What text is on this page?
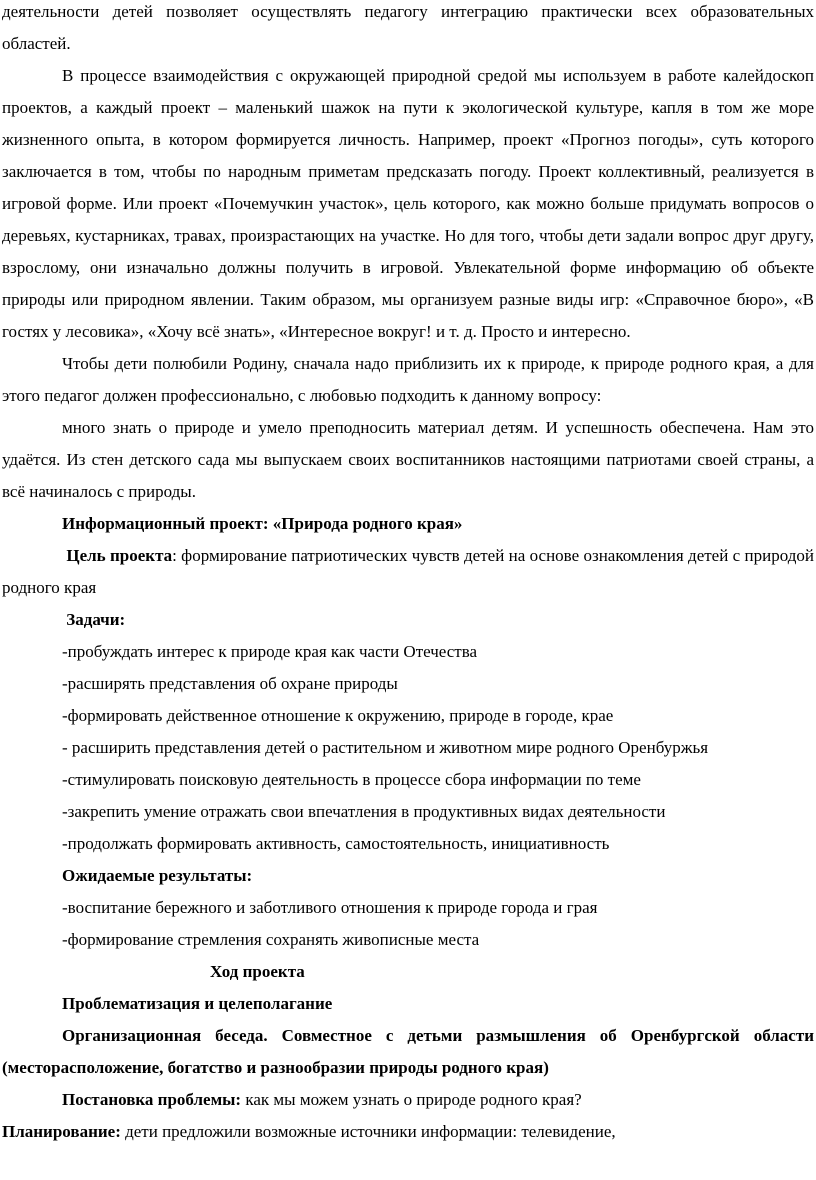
деятельности детей позволяет осуществлять педагогу интеграцию практически всех образовательных областей.

В процессе взаимодействия с окружающей природной средой мы используем в работе калейдоскоп проектов, а каждый проект – маленький шажок на пути к экологической культуре, капля в том же море жизненного опыта, в котором формируется личность. Например, проект «Прогноз погоды», суть которого заключается в том, чтобы по народным приметам предсказать погоду. Проект коллективный, реализуется в игровой форме. Или проект «Почемучкин участок», цель которого, как можно больше придумать вопросов о деревьях, кустарниках, травах, произрастающих на участке. Но для того, чтобы дети задали вопрос друг другу, взрослому, они изначально должны получить в игровой. Увлекательной форме информацию об объекте природы или природном явлении. Таким образом, мы организуем разные виды игр: «Справочное бюро», «В гостях у лесовика», «Хочу всё знать», «Интересное вокруг! и т. д. Просто и интересно.

Чтобы дети полюбили Родину, сначала надо приблизить их к природе, к природе родного края, а для этого педагог должен профессионально, с любовью подходить к данному вопросу:

много знать о природе и умело преподносить материал детям. И успешность обеспечена. Нам это удаётся. Из стен детского сада мы выпускаем своих воспитанников настоящими патриотами своей страны, а всё начиналось с природы.

Информационный проект: «Природа родного края»

Цель проекта: формирование патриотических чувств детей на основе ознакомления детей с природой родного края

Задачи:

-пробуждать интерес к природе края как части Отечества

-расширять представления об охране природы

-формировать действенное отношение к окружению, природе в городе, крае

- расширить представления детей о растительном и животном мире родного Оренбуржья

-стимулировать поисковую деятельность в процессе сбора информации по теме

-закрепить умение отражать свои впечатления в продуктивных видах деятельности

-продолжать формировать активность, самостоятельность, инициативность

Ожидаемые результаты:

-воспитание бережного и заботливого отношения к природе города и грая

-формирование стремления сохранять живописные места

Ход проекта

Проблематизация и целеполагание

Организационная беседа. Совместное с детьми размышления об Оренбургской области (месторасположение, богатство и разнообразии природы родного края)

Постановка проблемы: как мы можем узнать о природе родного края?

Планирование: дети предложили возможные источники информации: телевидение,
